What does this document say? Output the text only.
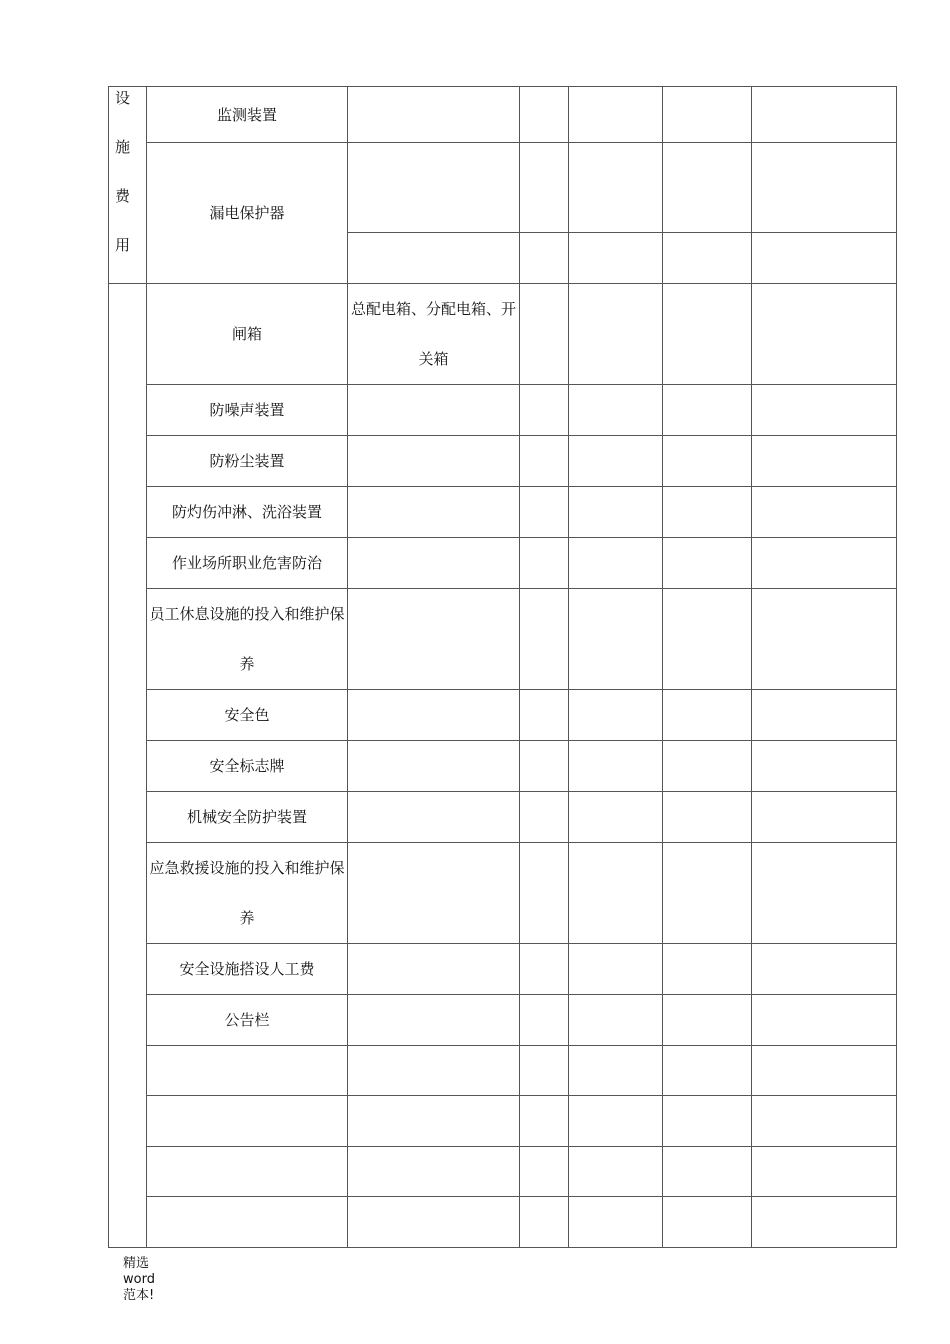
设
施
费
用	监测装置					
	漏电保护器					

	闸箱	总配电箱、分配电箱、开关箱				
	防噪声装置					
	防粉尘装置					
	防灼伤冲淋、洗浴装置					
	作业场所职业危害防治					
	员工休息设施的投入和维护保养					
	安全色					
	安全标志牌					
	机械安全防护装置					
	应急救援设施的投入和维护保养					
	安全设施搭设人工费					
	公告栏					

精选
word
范本!
